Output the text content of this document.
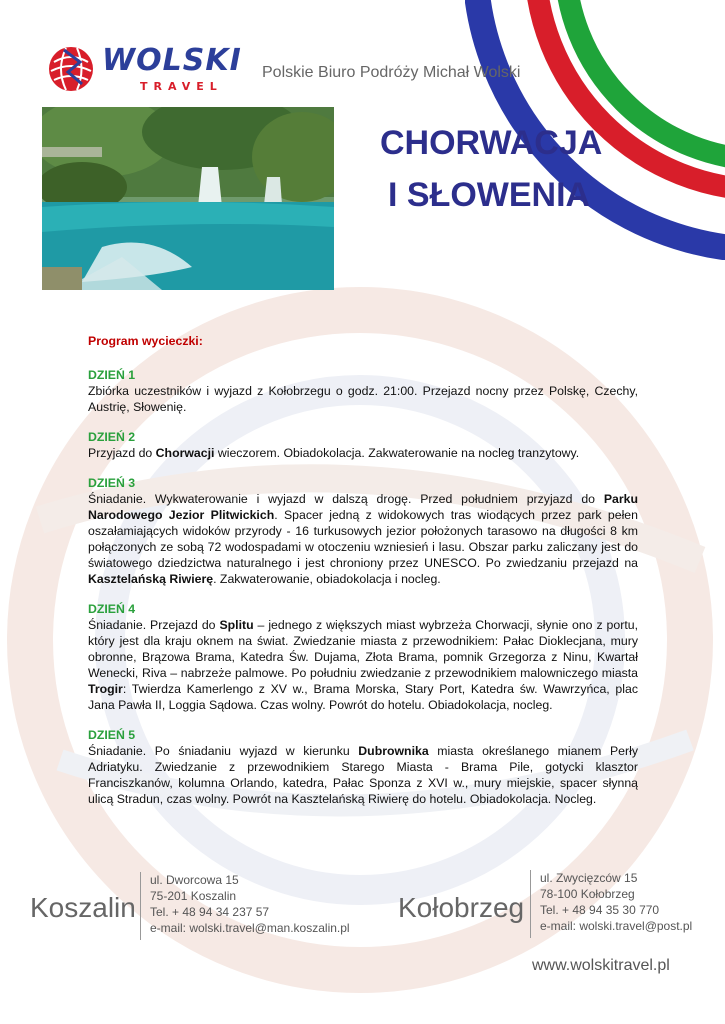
WOLSKI
TRAVEL
Polskie Biuro Podróży Michał Wolski
CHORWACJA
I SŁOWENIA

Program wycieczki:

DZIEŃ 1

Zbiórka uczestników i wyjazd z Kołobrzegu o godz. 21:00. Przejazd nocny przez Polskę, Czechy, Austrię, Słowenię.

DZIEŃ 2

Przyjazd do Chorwacji wieczorem. Obiadokolacja. Zakwaterowanie na nocleg tranzytowy.

DZIEŃ 3

Śniadanie. Wykwaterowanie i wyjazd w dalszą drogę. Przed południem przyjazd do Parku Narodowego Jezior Plitwickich. Spacer jedną z widokowych tras wiodących przez park pełen oszałamiających widoków przyrody - 16 turkusowych jezior położonych tarasowo na długości 8 km połączonych ze sobą 72 wodospadami w otoczeniu wzniesień i lasu. Obszar parku zaliczany jest do światowego dziedzictwa naturalnego i jest chroniony przez UNESCO. Po zwiedzaniu przejazd na Kasztelańską Riwierę. Zakwaterowanie, obiadokolacja i nocleg.

DZIEŃ 4

Śniadanie. Przejazd do Splitu – jednego z większych miast wybrzeża Chorwacji, słynie ono z portu, który jest dla kraju oknem na świat. Zwiedzanie miasta z przewodnikiem: Pałac Dioklecjana, mury obronne, Brązowa Brama, Katedra Św. Dujama, Złota Brama, pomnik Grzegorza z Ninu, Kwartał Wenecki, Riva – nabrzeże palmowe. Po południu zwiedzanie z przewodnikiem malowniczego miasta Trogir: Twierdza Kamerlengo z XV w., Brama Morska, Stary Port, Katedra św. Wawrzyńca, plac Jana Pawła II, Loggia Sądowa. Czas wolny. Powrót do hotelu. Obiadokolacja, nocleg.

DZIEŃ 5

Śniadanie. Po śniadaniu wyjazd w kierunku Dubrownika miasta określanego mianem Perły Adriatyku. Zwiedzanie z przewodnikiem Starego Miasta - Brama Pile, gotycki klasztor Franciszkanów, kolumna Orlando, katedra, Pałac Sponza z XVI w., mury miejskie, spacer słynną ulicą Stradun, czas wolny. Powrót na Kasztelańską Riwierę do hotelu. Obiadokolacja. Nocleg.

Koszalin
ul. Dworcowa 15
75-201 Koszalin
Tel. + 48 94 34 237 57
e-mail: wolski.travel@man.koszalin.pl
Kołobrzeg
ul. Zwycięzców 15
78-100 Kołobrzeg
Tel. + 48 94 35 30 770
e-mail: wolski.travel@post.pl
www.wolskitravel.pl
